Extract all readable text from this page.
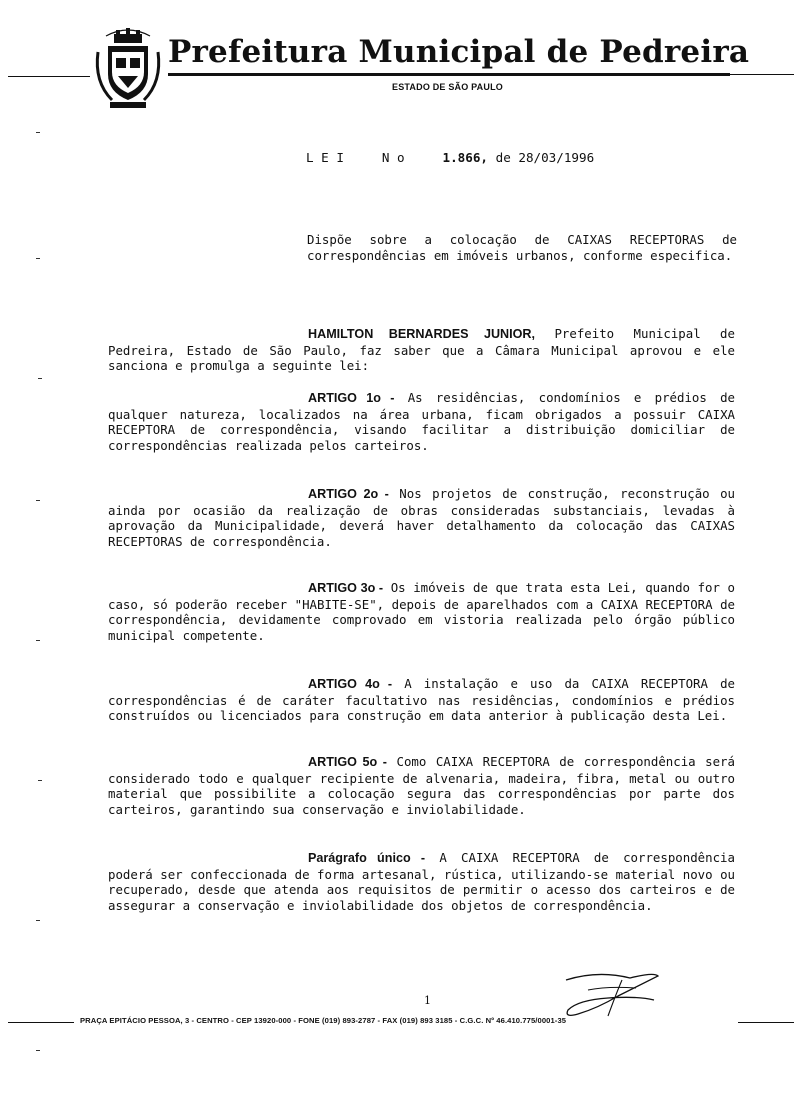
Prefeitura Municipal de Pedreira
ESTADO DE SÃO PAULO
L E I	N o	1.866, de 28/03/1996
Dispõe sobre a colocação de CAIXAS RECEPTORAS de correspondências em imóveis urbanos, conforme especifica.
HAMILTON BERNARDES JUNIOR, Prefeito Municipal de Pedreira, Estado de São Paulo, faz saber que a Câmara Municipal aprovou e ele sanciona e promulga a seguinte lei:
ARTIGO 1o - As residências, condomínios e prédios de qualquer natureza, localizados na área urbana, ficam obrigados a possuir CAIXA RECEPTORA de correspondência, visando facilitar a distribuição domiciliar de correspondências realizada pelos carteiros.
ARTIGO 2o - Nos projetos de construção, reconstrução ou ainda por ocasião da realização de obras consideradas substanciais, levadas à aprovação da Municipalidade, deverá haver detalhamento da colocação das CAIXAS RECEPTORAS de correspondência.
ARTIGO 3o - Os imóveis de que trata esta Lei, quando for o caso, só poderão receber "HABITE-SE", depois de aparelhados com a CAIXA RECEPTORA de correspondência, devidamente comprovado em vistoria realizada pelo órgão público municipal competente.
ARTIGO 4o - A instalação e uso da CAIXA RECEPTORA de correspondências é de caráter facultativo nas residências, condomínios e prédios construídos ou licenciados para construção em data anterior à publicação desta Lei.
ARTIGO 5o - Como CAIXA RECEPTORA de correspondência será considerado todo e qualquer recipiente de alvenaria, madeira, fibra, metal ou outro material que possibilite a colocação segura das correspondências por parte dos carteiros, garantindo sua conservação e inviolabilidade.
Parágrafo único - A CAIXA RECEPTORA de correspondência poderá ser confeccionada de forma artesanal, rústica, utilizando-se material novo ou recuperado, desde que atenda aos requisitos de permitir o acesso dos carteiros e de assegurar a conservação e inviolabilidade dos objetos de correspondência.
1
PRAÇA EPITÁCIO PESSOA, 3 - CENTRO - CEP 13920-000 - FONE (019) 893-2787 - FAX (019) 893 3185 - C.G.C. Nº 46.410.775/0001-35
